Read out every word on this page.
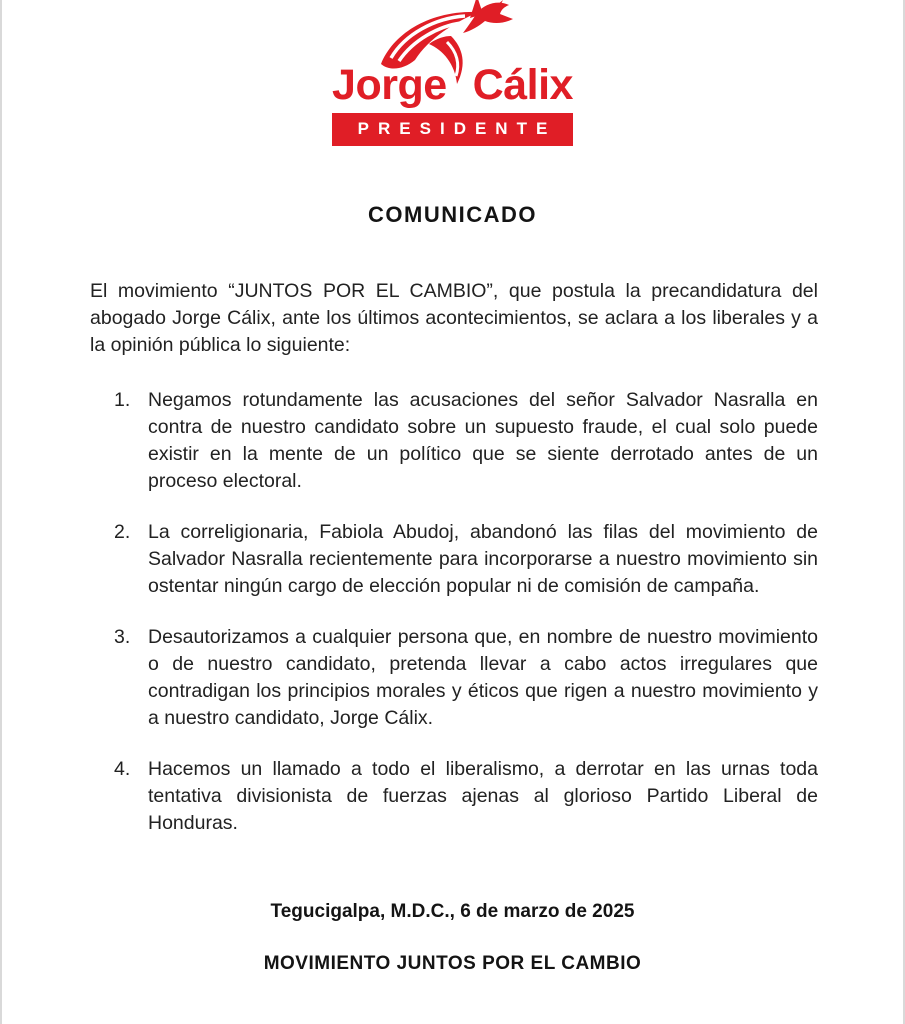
Jorge Cálix
PRESIDENTE
COMUNICADO

El movimiento “JUNTOS POR EL CAMBIO”, que postula la precandidatura del abogado Jorge Cálix, ante los últimos acontecimientos, se aclara a los liberales y a la opinión pública lo siguiente:

1. Negamos rotundamente las acusaciones del señor Salvador Nasralla en contra de nuestro candidato sobre un supuesto fraude, el cual solo puede existir en la mente de un político que se siente derrotado antes de un proceso electoral.
2. La correligionaria, Fabiola Abudoj, abandonó las filas del movimiento de Salvador Nasralla recientemente para incorporarse a nuestro movimiento sin ostentar ningún cargo de elección popular ni de comisión de campaña.
3. Desautorizamos a cualquier persona que, en nombre de nuestro movimiento o de nuestro candidato, pretenda llevar a cabo actos irregulares que contradigan los principios morales y éticos que rigen a nuestro movimiento y a nuestro candidato, Jorge Cálix.
4. Hacemos un llamado a todo el liberalismo, a derrotar en las urnas toda tentativa divisionista de fuerzas ajenas al glorioso Partido Liberal de Honduras.
Tegucigalpa, M.D.C., 6 de marzo de 2025
MOVIMIENTO JUNTOS POR EL CAMBIO
